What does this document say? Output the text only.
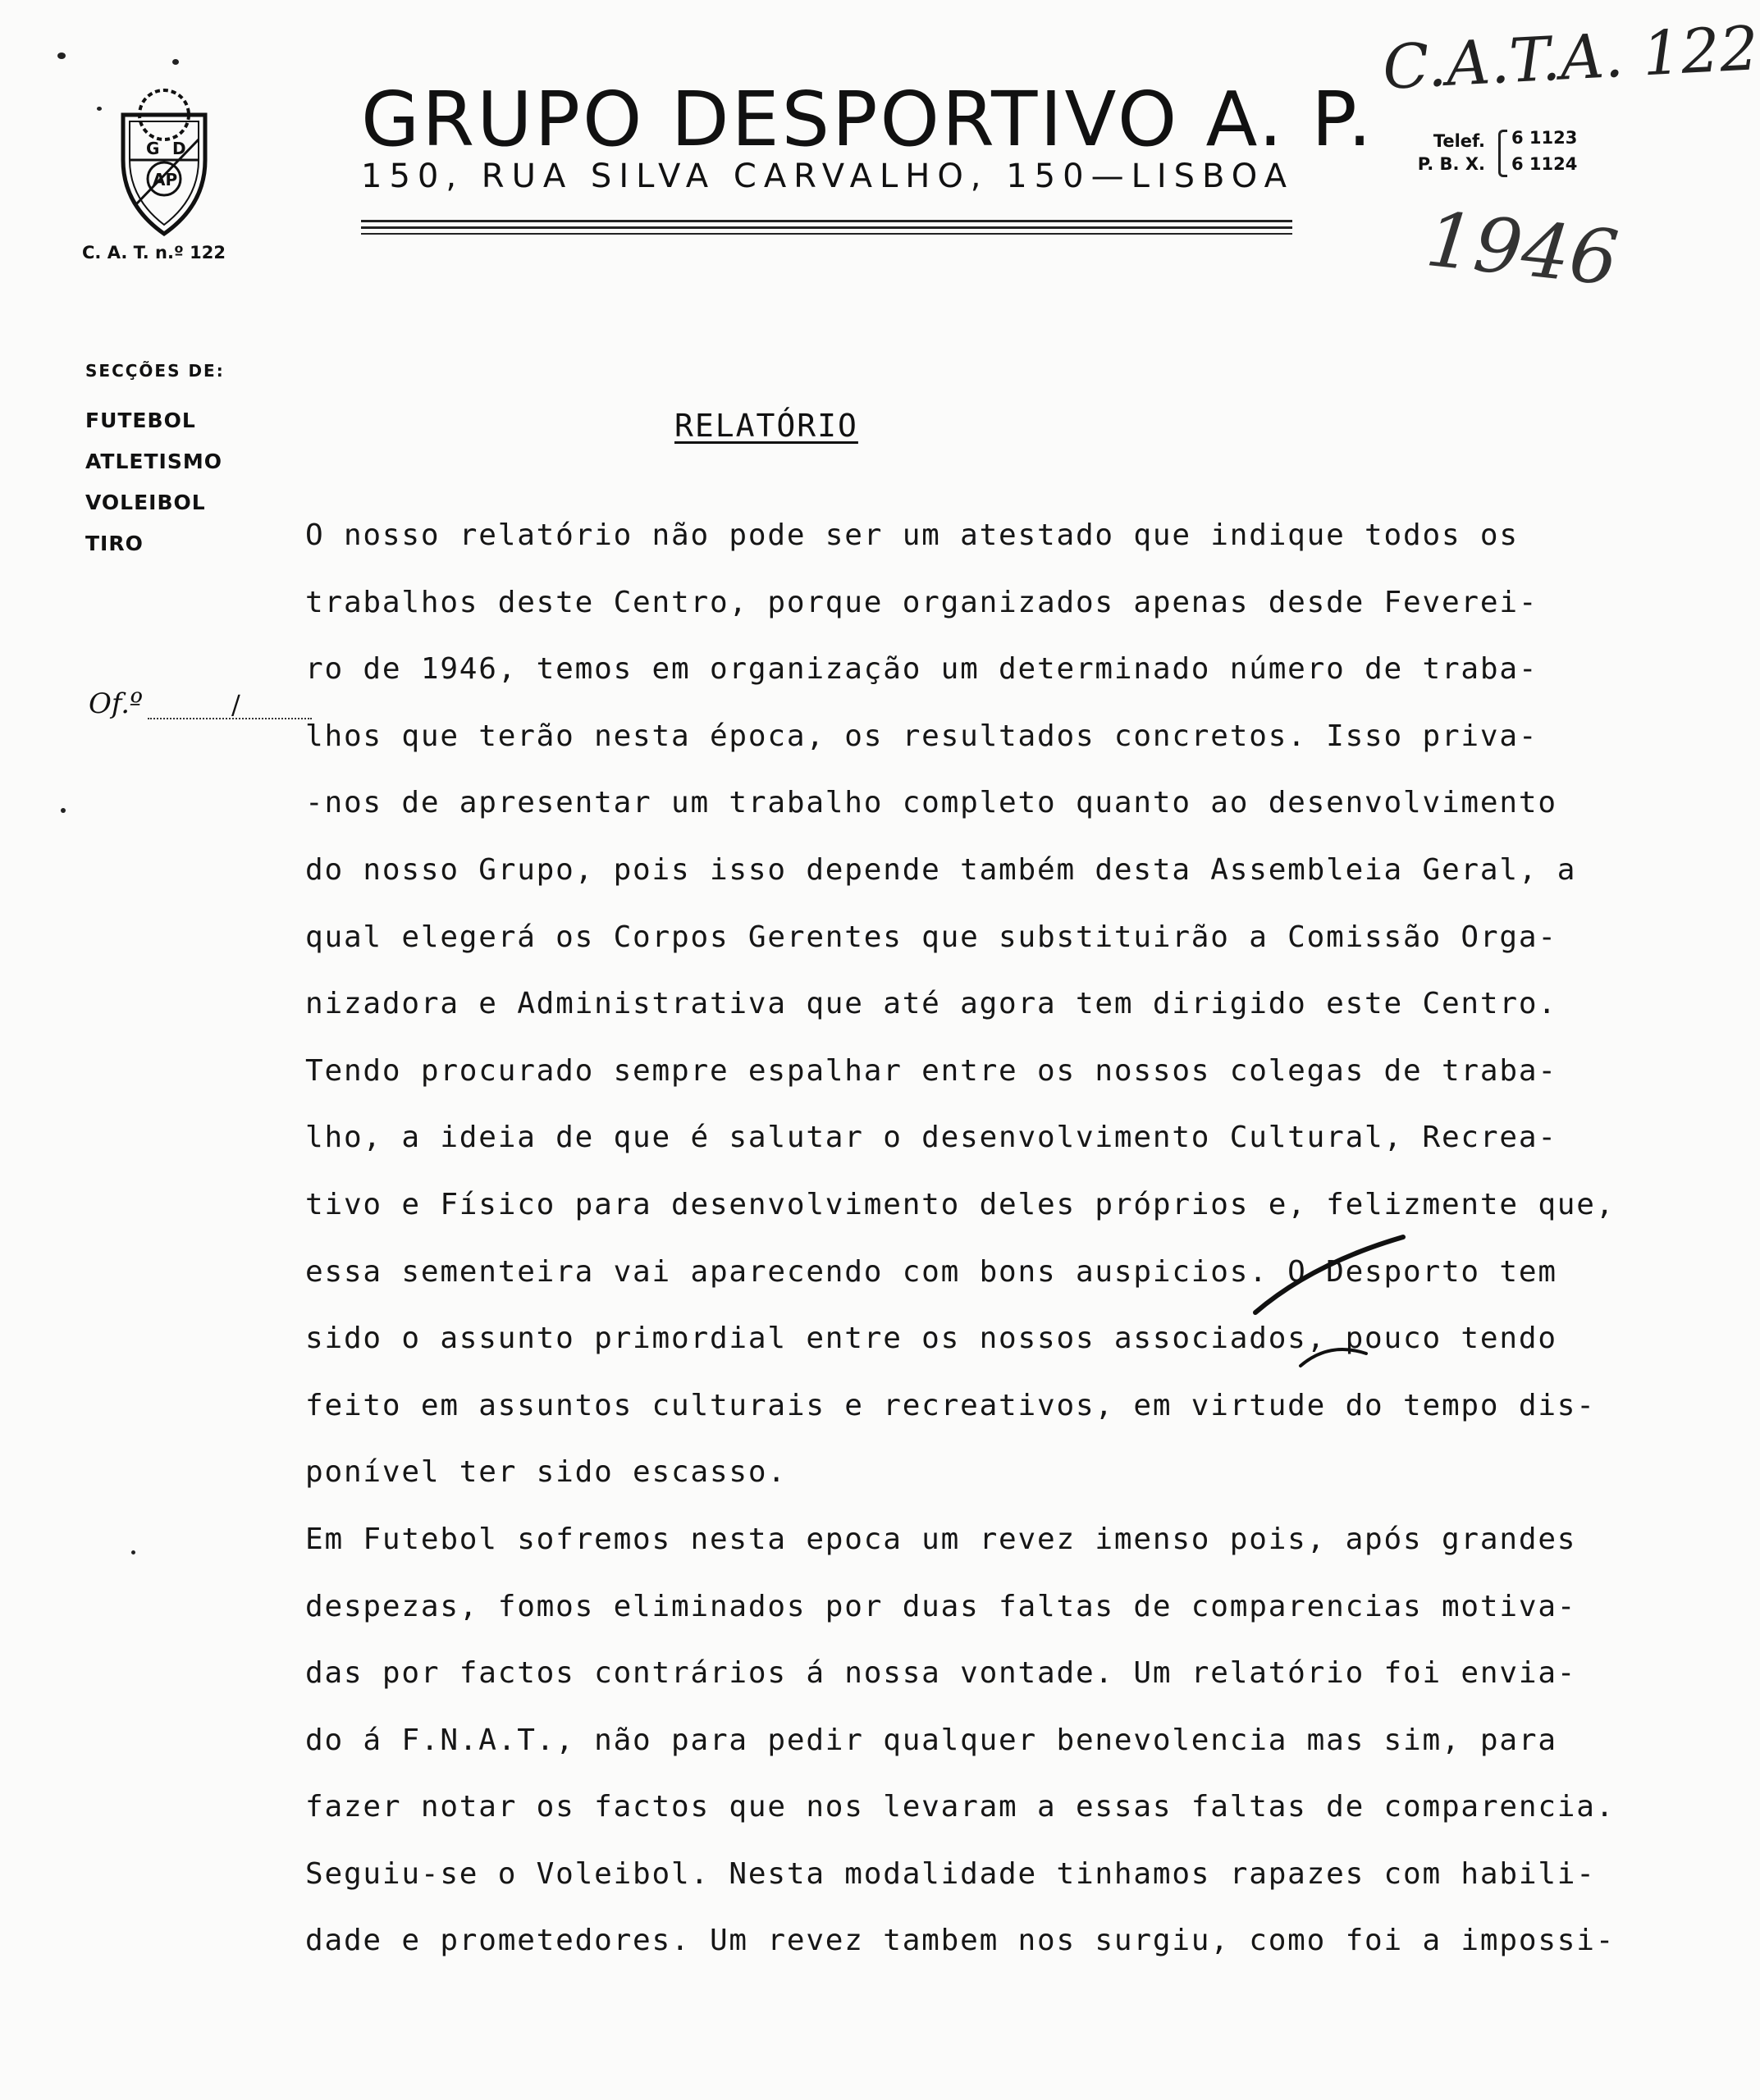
G D
AP
C. A. T. n.º 122
GRUPO DESPORTIVO A. P.
150, RUA SILVA CARVALHO, 150—LISBOA
Telef.
P. B. X.
6 1123
6 1124
C.A.T.A. 122
1946
SECÇÕES DE:
FUTEBOL
ATLETISMO
VOLEIBOL
TIRO
Of.º	/
RELATÓRIO
O nosso relatório não pode ser um atestado que indique todos os
trabalhos deste Centro, porque organizados apenas desde Feverei-
ro de 1946, temos em organização um determinado número de traba-
lhos que terão nesta época, os resultados concretos. Isso priva-
-nos de apresentar um trabalho completo quanto ao desenvolvimento
do nosso Grupo, pois isso depende também desta Assembleia Geral, a
qual elegerá os Corpos Gerentes que substituirão a Comissão Orga-
nizadora e Administrativa que até agora tem dirigido este Centro.
Tendo procurado sempre espalhar entre os nossos colegas de traba-
lho, a ideia de que é salutar o desenvolvimento Cultural, Recrea-
tivo e Físico para desenvolvimento deles próprios e, felizmente que,
essa sementeira vai aparecendo com bons auspicios. O Desporto tem
sido o assunto primordial entre os nossos associados, pouco tendo
feito em assuntos culturais e recreativos, em virtude do tempo dis-
ponível ter sido escasso.
Em Futebol sofremos nesta epoca um revez imenso pois, após grandes
despezas, fomos eliminados por duas faltas de comparencias motiva-
das por factos contrários á nossa vontade. Um relatório foi envia-
do á F.N.A.T., não para pedir qualquer benevolencia mas sim, para
fazer notar os factos que nos levaram a essas faltas de comparencia.
Seguiu-se o Voleibol. Nesta modalidade tinhamos rapazes com habili-
dade e prometedores. Um revez tambem nos surgiu, como foi a impossi-
